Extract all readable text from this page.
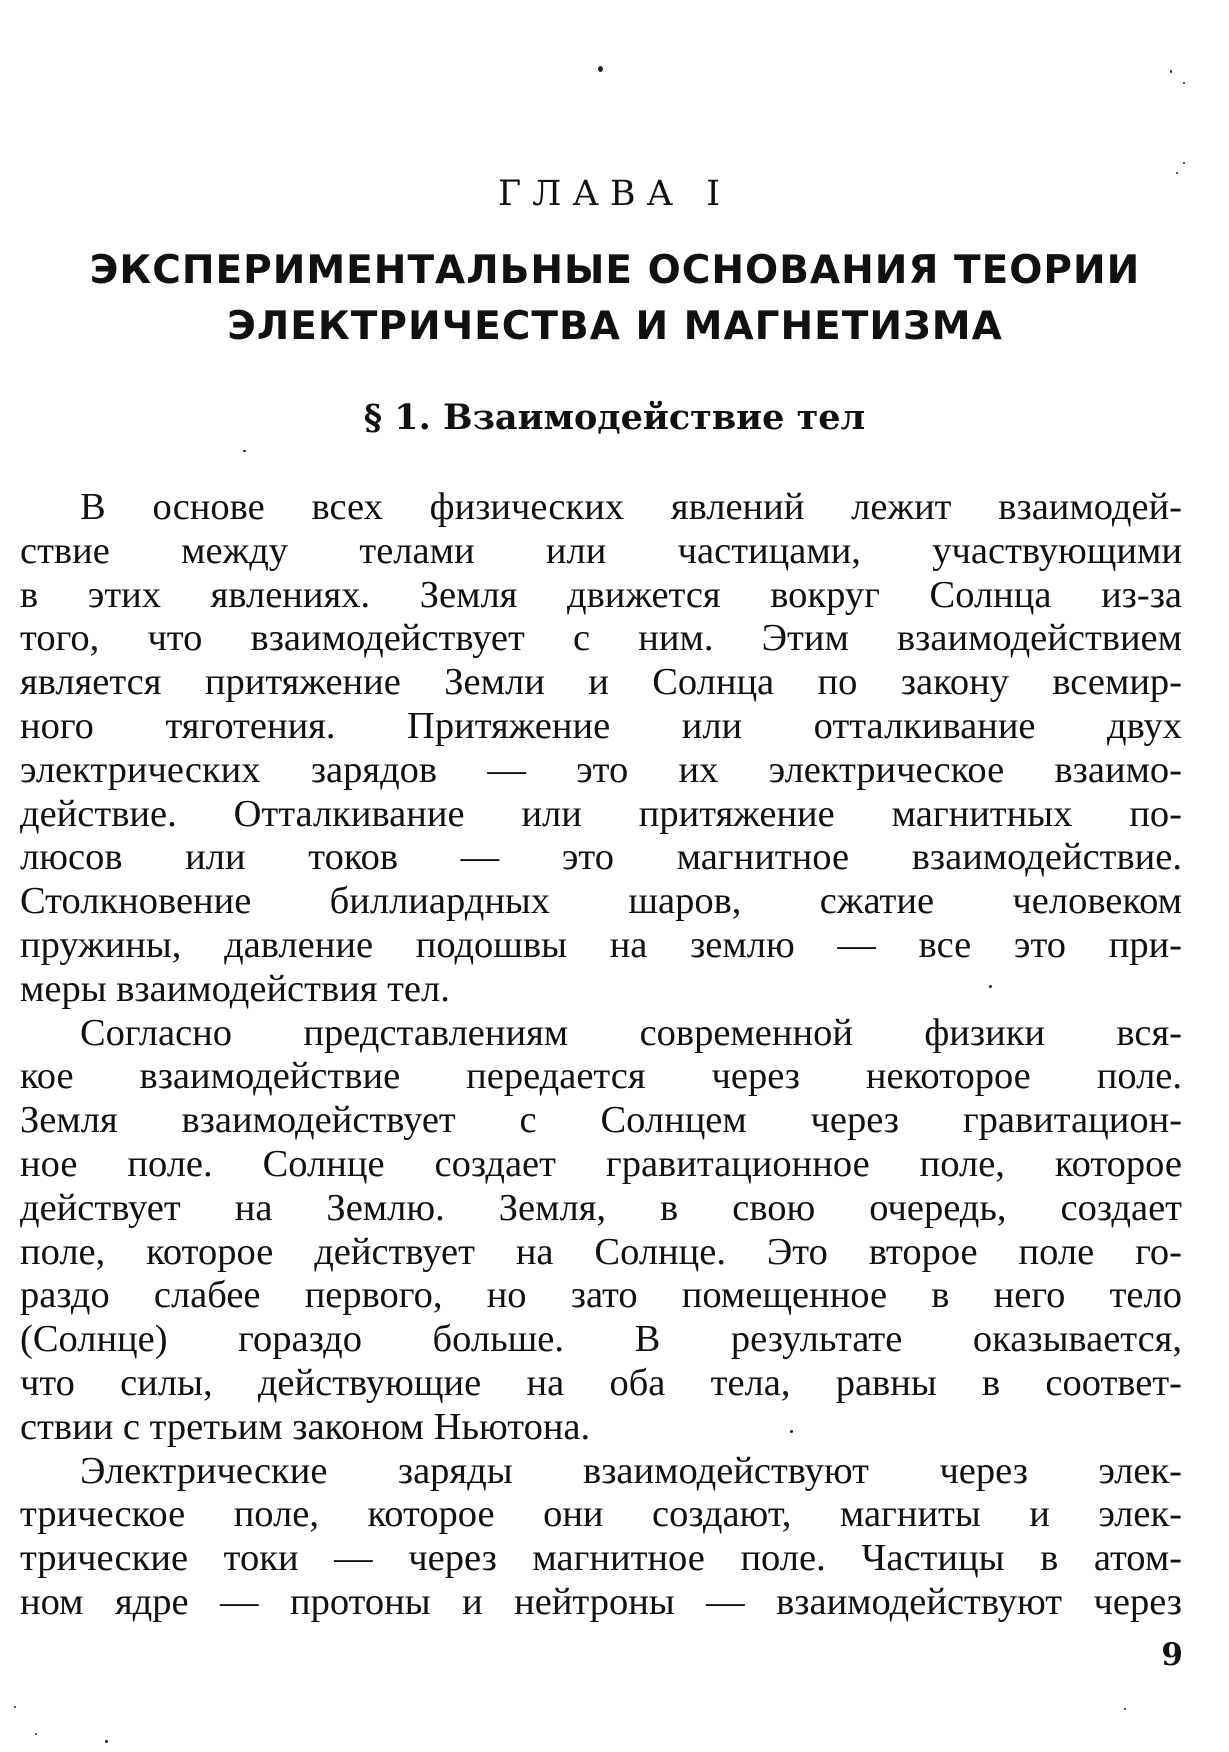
ГЛАВА I
ЭКСПЕРИМЕНТАЛЬНЫЕ ОСНОВАНИЯ ТЕОРИИ
ЭЛЕКТРИЧЕСТВА И МАГНЕТИЗМА
§ 1. Взаимодействие тел
В основе всех физических явлений лежит взаимодей-
ствие между телами или частицами, участвующими
в этих явлениях. Земля движется вокруг Солнца из-за
того, что взаимодействует с ним. Этим взаимодействием
является притяжение Земли и Солнца по закону всемир-
ного тяготения. Притяжение или отталкивание двух
электрических зарядов — это их электрическое взаимо-
действие. Отталкивание или притяжение магнитных по-
люсов или токов — это магнитное взаимодействие.
Столкновение биллиардных шаров, сжатие человеком
пружины, давление подошвы на землю — все это при-
меры взаимодействия тел.
Согласно представлениям современной физики вся-
кое взаимодействие передается через некоторое поле.
Земля взаимодействует с Солнцем через гравитацион-
ное поле. Солнце создает гравитационное поле, которое
действует на Землю. Земля, в свою очередь, создает
поле, которое действует на Солнце. Это второе поле го-
раздо слабее первого, но зато помещенное в него тело
(Солнце) гораздо больше. В результате оказывается,
что силы, действующие на оба тела, равны в соответ-
ствии с третьим законом Ньютона.
Электрические заряды взаимодействуют через элек-
трическое поле, которое они создают, магниты и элек-
трические токи — через магнитное поле. Частицы в атом-
ном ядре — протоны и нейтроны — взаимодействуют через
9
